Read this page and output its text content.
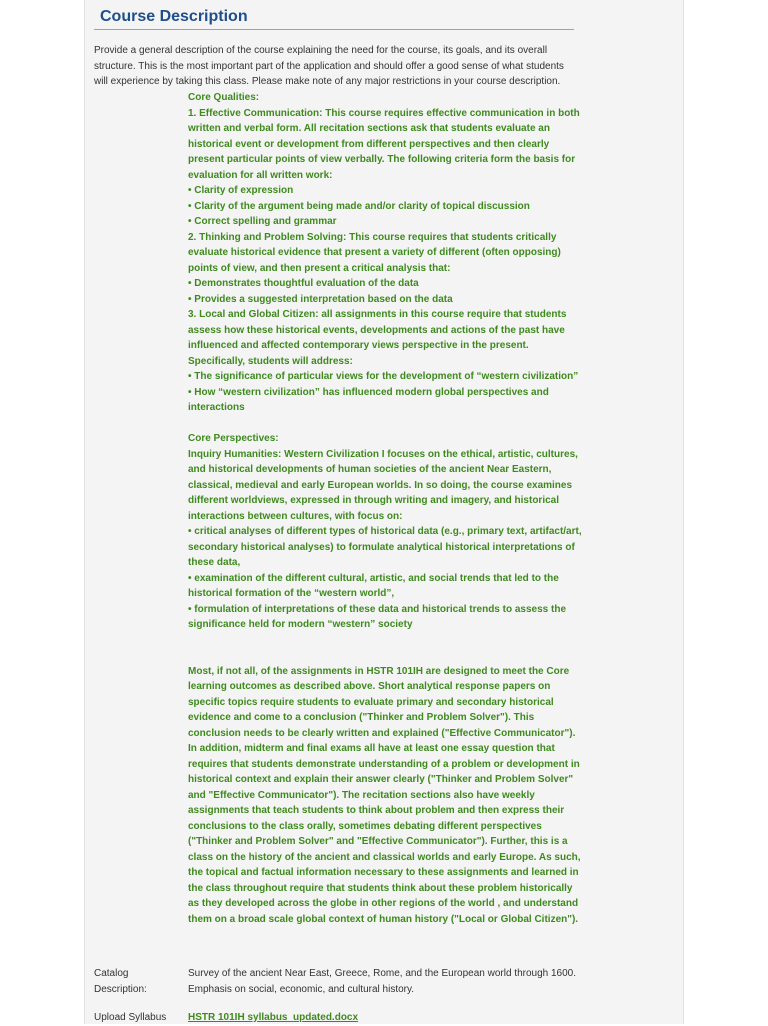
Course Description

Provide a general description of the course explaining the need for the course, its goals, and its overall structure. This is the most important part of the application and should offer a good sense of what students will experience by taking this class. Please make note of any major restrictions in your course description.

Core Qualities:

1. Effective Communication: This course requires effective communication in both written and verbal form. All recitation sections ask that students evaluate an historical event or development from different perspectives and then clearly present particular points of view verbally. The following criteria form the basis for evaluation for all written work:

• Clarity of expression

• Clarity of the argument being made and/or clarity of topical discussion

• Correct spelling and grammar

2. Thinking and Problem Solving: This course requires that students critically evaluate historical evidence that present a variety of different (often opposing) points of view, and then present a critical analysis that:

• Demonstrates thoughtful evaluation of the data

• Provides a suggested interpretation based on the data

3. Local and Global Citizen: all assignments in this course require that students assess how these historical events, developments and actions of the past have influenced and affected contemporary views perspective in the present. Specifically, students will address:

• The significance of particular views for the development of “western civilization”

• How “western civilization” has influenced modern global perspectives and interactions

Core Perspectives:

Inquiry Humanities: Western Civilization I focuses on the ethical, artistic, cultures, and historical developments of human societies of the ancient Near Eastern, classical, medieval and early European worlds. In so doing, the course examines different worldviews, expressed in through writing and imagery, and historical interactions between cultures, with focus on:

• critical analyses of different types of historical data (e.g., primary text, artifact/art, secondary historical analyses) to formulate analytical historical interpretations of these data,

• examination of the different cultural, artistic, and social trends that led to the historical formation of the “western world”,

• formulation of interpretations of these data and historical trends to assess the significance held for modern “western” society

Most, if not all, of the assignments in HSTR 101IH are designed to meet the Core learning outcomes as described above. Short analytical response papers on specific topics require students to evaluate primary and secondary historical evidence and come to a conclusion ("Thinker and Problem Solver"). This conclusion needs to be clearly written and explained ("Effective Communicator"). In addition, midterm and final exams all have at least one essay question that requires that students demonstrate understanding of a problem or development in historical context and explain their answer clearly ("Thinker and Problem Solver" and "Effective Communicator"). The recitation sections also have weekly assignments that teach students to think about problem and then express their conclusions to the class orally, sometimes debating different perspectives ("Thinker and Problem Solver" and "Effective Communicator"). Further, this is a class on the history of the ancient and classical worlds and early Europe. As such, the topical and factual information necessary to these assignments and learned in the class throughout require that students think about these problem historically as they developed across the globe in other regions of the world , and understand them on a broad scale global context of human history ("Local or Global Citizen").

Catalog Description:

Survey of the ancient Near East, Greece, Rome, and the European world through 1600. Emphasis on social, economic, and cultural history.

Upload Syllabus HSTR 101IH syllabus_updated.docx
